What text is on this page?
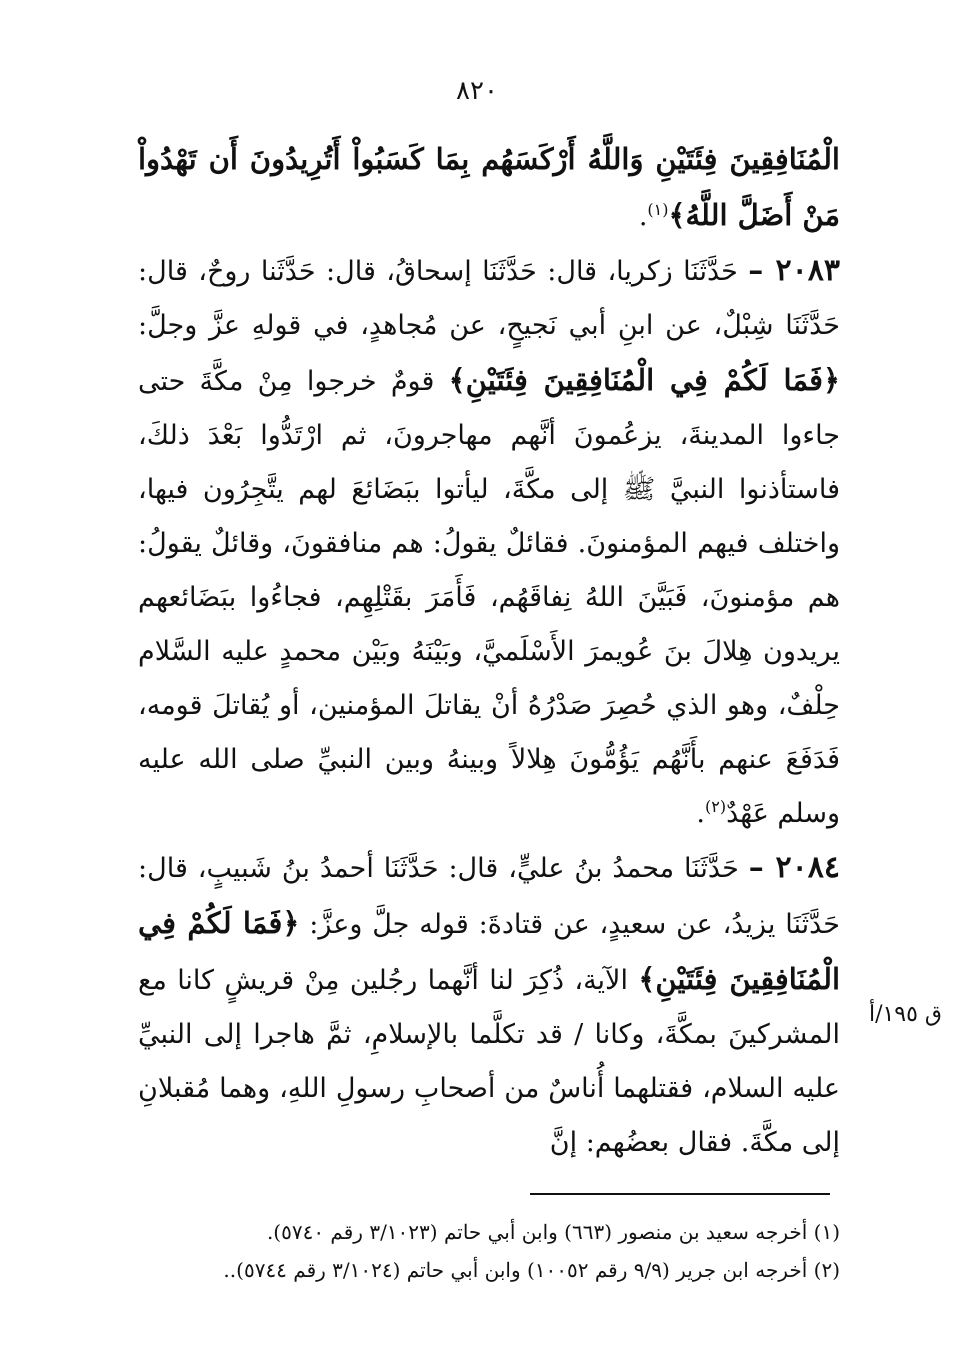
٨٢٠

الْمُنَافِقِينَ فِئَتَيْنِ وَاللَّهُ أَرْكَسَهُم بِمَا كَسَبُواْ أَتُرِيدُونَ أَن تَهْدُواْ مَنْ أَضَلَّ اللَّهُ﴾$^{(١)}$.

٢٠٨٣ – حَدَّثَنَا زكريا، قال: حَدَّثَنَا إسحاقُ، قال: حَدَّثَنا روحٌ، قال: حَدَّثَنَا شِبْلٌ، عن ابنِ أبي نَجيحٍ، عن مُجاهدٍ، في قولهِ عزَّ وجلَّ: ﴿فَمَا لَكُمْ فِي الْمُنَافِقِينَ فِئَتَيْنِ﴾ قومٌ خرجوا مِنْ مكَّةَ حتى جاءوا المدينةَ، يزعُمونَ أنَّهم مهاجرونَ، ثم ارْتَدُّوا بَعْدَ ذلكَ، فاستأذنوا النبيَّ ﷺ إلى مكَّةَ، ليأتوا ببَضَائعَ لهم يتَّجِرُون فيها، واختلف فيهم المؤمنونَ. فقائلٌ يقولُ: هم منافقونَ، وقائلٌ يقولُ: هم مؤمنونَ، فَبَيَّنَ اللهُ نِفاقَهُم، فَأَمَرَ بقَتْلِهِم، فجاءُوا ببَضَائعهم يريدون هِلالَ بنَ عُويمرَ الأَسْلَميَّ، وبَيْنَهُ وبَيْن محمدٍ عليه السَّلام حِلْفٌ، وهو الذي حُصِرَ صَدْرُهُ أنْ يقاتلَ المؤمنين، أو يُقاتلَ قومه، فَدَفَعَ عنهم بأَنَّهُم يَؤُمُّونَ هِلالاً وبينهُ وبين النبيِّ صلى الله عليه وسلم عَهْدٌ$^{(٢)}$.

٢٠٨٤ – حَدَّثَنَا محمدُ بنُ عليٍّ، قال: حَدَّثَنَا أحمدُ بنُ شَبيبٍ، قال: حَدَّثَنَا يزيدُ، عن سعيدٍ، عن قتادةَ: قوله جلَّ وعزَّ: ﴿فَمَا لَكُمْ فِي الْمُنَافِقِينَ فِئَتَيْنِ﴾ الآية، ذُكِرَ لنا أنَّهما رجُلين مِنْ قريشٍ كانا مع المشركينَ بمكَّةَ، وكانا / قد تكلَّما بالإسلامِ، ثمَّ هاجرا إلى النبيِّ عليه السلام، فقتلهما أُناسٌ من أصحابِ رسولِ اللهِ، وهما مُقبلانِ إلى مكَّةَ. فقال بعضُهم: إنَّ

ق ١٩٥/أ

(١) أخرجه سعيد بن منصور (٦٦٣) وابن أبي حاتم (٣/١٠٢٣ رقم ٥٧٤٠).

(٢) أخرجه ابن جرير (٩/٩ رقم ١٠٠٥٢) وابن أبي حاتم (٣/١٠٢٤ رقم ٥٧٤٤)..
